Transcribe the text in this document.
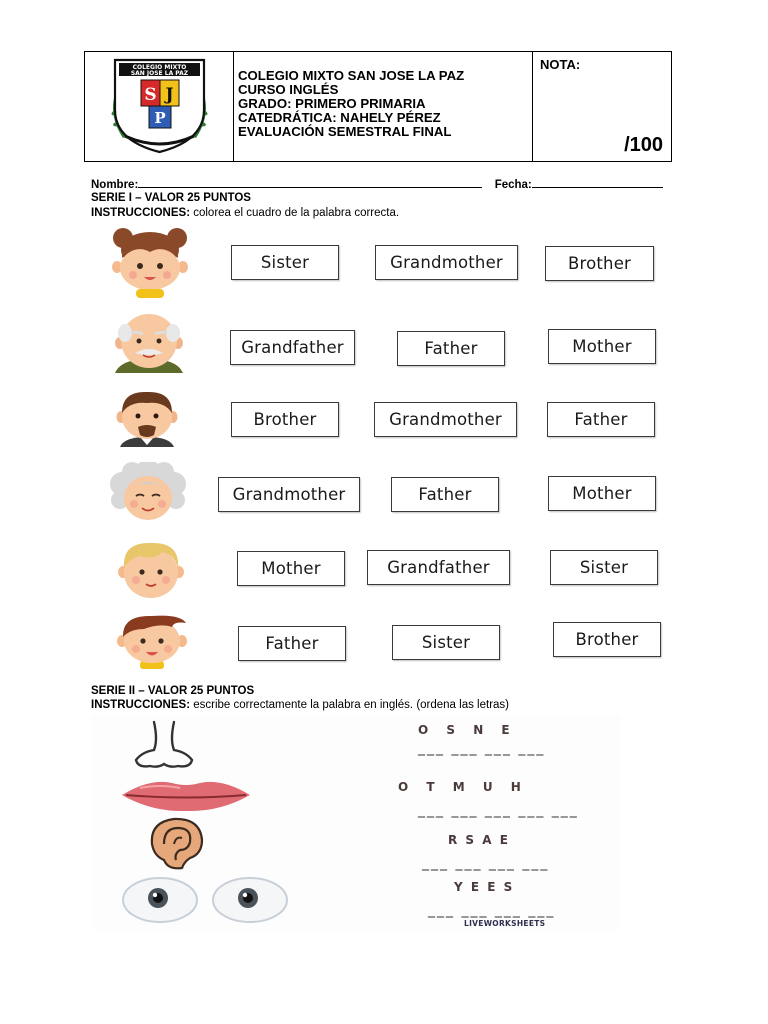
COLEGIO MIXTO
SAN JOSE LA PAZ
S J
P
COLEGIO MIXTO SAN JOSE LA PAZ
CURSO INGLÉS
GRADO: PRIMERO PRIMARIA
CATEDRÁTICA: NAHELY PÉREZ
EVALUACIÓN SEMESTRAL FINAL
NOTA:
/100
Nombre:	Fecha:
SERIE I – VALOR 25 PUNTOS
INSTRUCCIONES: colorea el cuadro de la palabra correcta.
Sister	Grandmother	Brother
Grandfather	Father	Mother
Brother	Grandmother	Father
Grandmother	Father	Mother
Mother	Grandfather	Sister
Father	Sister	Brother
SERIE II – VALOR 25 PUNTOS
INSTRUCCIONES: escribe correctamente la palabra en inglés. (ordena las letras)
O S N E
___ ___ ___ ___
O T M U H
___ ___ ___ ___ ___
R S A E
___ ___ ___ ___
Y E E S
___ ___ ___ ___
LIVEWORKSHEETS
